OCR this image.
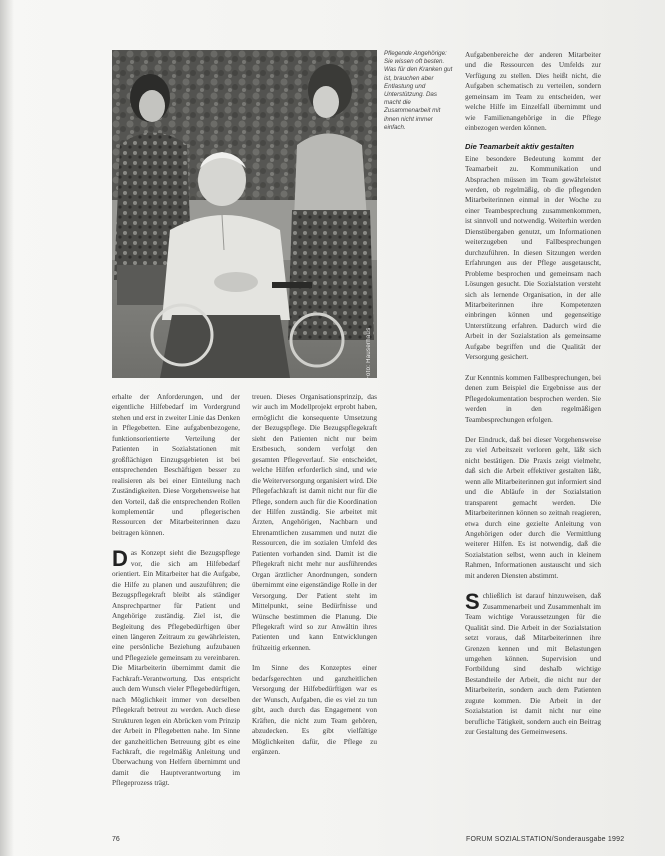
Foto: Hauserhaus
Pflegende Angehörige: Sie wissen oft besten. Was für den Kranken gut ist, brauchen aber Entlastung und Unterstützung. Das macht die Zusammenarbeit mit ihnen nicht immer einfach.

erhalte der Anforderungen, und der eigentliche Hilfebedarf im Vordergrund stehen und erst in zweiter Linie das Denken in Pflegebetten. Eine aufgabenbezogene, funktionsorientierte Verteilung der Patienten in Sozialstationen mit großflächigen Einzugsgebieten ist bei entsprechenden Beschäftigen besser zu realisieren als bei einer Einteilung nach Zuständigkeiten. Diese Vorgehensweise hat den Vorteil, daß die entsprechenden Rollen komplementär und pflegerischen Ressourcen der Mitarbeiterinnen dazu beitragen können.

Das Konzept sieht die Bezugspflege vor, die sich am Hilfebedarf orientiert. Ein Mitarbeiter hat die Aufgabe, die Hilfe zu planen und auszuführen; die Bezugspflegekraft bleibt als ständiger Ansprechpartner für Patient und Angehörige zuständig. Ziel ist, die Begleitung des Pflegebedürftigen über einen längeren Zeitraum zu gewährleisten, eine persönliche Beziehung aufzubauen und Pflegeziele gemeinsam zu vereinbaren. Die Mitarbeiterin übernimmt damit die Fachkraft-Verantwortung. Das entspricht auch dem Wunsch vieler Pflegebedürftigen, nach Möglichkeit immer von derselben Pflegekraft betreut zu werden. Auch diese Strukturen legen ein Abrücken vom Prinzip der Arbeit in Pflegebetten nahe. Im Sinne der ganzheitlichen Betreuung gibt es eine Fachkraft, die regelmäßig Anleitung und Überwachung von Helfern übernimmt und damit die Hauptverantwortung im Pflegeprozess trägt.

treuen. Dieses Organisationsprinzip, das wir auch im Modellprojekt erprobt haben, ermöglicht die konsequente Umsetzung der Bezugspflege. Die Bezugspflegekraft sieht den Patienten nicht nur beim Erstbesuch, sondern verfolgt den gesamten Pflegeverlauf. Sie entscheidet, welche Hilfen erforderlich sind, und wie die Weiterversorgung organisiert wird. Die Pflegefachkraft ist damit nicht nur für die Pflege, sondern auch für die Koordination der Hilfen zuständig. Sie arbeitet mit Ärzten, Angehörigen, Nachbarn und Ehrenamtlichen zusammen und nutzt die Ressourcen, die im sozialen Umfeld des Patienten vorhanden sind. Damit ist die Pflegekraft nicht mehr nur ausführendes Organ ärztlicher Anordnungen, sondern übernimmt eine eigenständige Rolle in der Versorgung. Der Patient steht im Mittelpunkt, seine Bedürfnisse und Wünsche bestimmen die Planung. Die Pflegekraft wird so zur Anwältin ihres Patienten und kann Entwicklungen frühzeitig erkennen.

Im Sinne des Konzeptes einer bedarfsgerechten und ganzheitlichen Versorgung der Hilfebedürftigen war es der Wunsch, Aufgaben, die es viel zu tun gibt, auch durch das Engagement von Kräften, die nicht zum Team gehören, abzudecken. Es gibt vielfältige Möglichkeiten dafür, die Pflege zu ergänzen.

Aufgabenbereiche der anderen Mitarbeiter und die Ressourcen des Umfelds zur Verfügung zu stellen. Dies heißt nicht, die Aufgaben schematisch zu verteilen, sondern gemeinsam im Team zu entscheiden, wer welche Hilfe im Einzelfall übernimmt und wie Familienangehörige in die Pflege einbezogen werden können.

Die Teamarbeit aktiv gestalten

Eine besondere Bedeutung kommt der Teamarbeit zu. Kommunikation und Absprachen müssen im Team gewährleistet werden, ob regelmäßig, ob die pflegenden Mitarbeiterinnen einmal in der Woche zu einer Teambesprechung zusammenkommen, ist sinnvoll und notwendig. Weiterhin werden Dienstübergaben genutzt, um Informationen weiterzugeben und Fallbesprechungen durchzuführen. In diesen Sitzungen werden Erfahrungen aus der Pflege ausgetauscht, Probleme besprochen und gemeinsam nach Lösungen gesucht. Die Sozialstation versteht sich als lernende Organisation, in der alle Mitarbeiterinnen ihre Kompetenzen einbringen können und gegenseitige Unterstützung erfahren. Dadurch wird die Arbeit in der Sozialstation als gemeinsame Aufgabe begriffen und die Qualität der Versorgung gesichert.

Zur Kenntnis kommen Fallbesprechungen, bei denen zum Beispiel die Ergebnisse aus der Pflegedokumentation besprochen werden. Sie werden in den regelmäßigen Teambesprechungen erfolgen.

Der Eindruck, daß bei dieser Vorgehensweise zu viel Arbeitszeit verloren geht, läßt sich nicht bestätigen. Die Praxis zeigt vielmehr, daß sich die Arbeit effektiver gestalten läßt, wenn alle Mitarbeiterinnen gut informiert sind und die Abläufe in der Sozialstation transparent gemacht werden. Die Mitarbeiterinnen können so zeitnah reagieren, etwa durch eine gezielte Anleitung von Angehörigen oder durch die Vermittlung weiterer Hilfen. Es ist notwendig, daß die Sozialstation selbst, wenn auch in kleinem Rahmen, Informationen austauscht und sich mit anderen Diensten abstimmt.

Schließlich ist darauf hinzuweisen, daß Zusammenarbeit und Zusammenhalt im Team wichtige Voraussetzungen für die Qualität sind. Die Arbeit in der Sozialstation setzt voraus, daß Mitarbeiterinnen ihre Grenzen kennen und mit Belastungen umgehen können. Supervision und Fortbildung sind deshalb wichtige Bestandteile der Arbeit, die nicht nur der Mitarbeiterin, sondern auch dem Patienten zugute kommen. Die Arbeit in der Sozialstation ist damit nicht nur eine berufliche Tätigkeit, sondern auch ein Beitrag zur Gestaltung des Gemeinwesens.

76	FORUM SOZIALSTATION/Sonderausgabe 1992
